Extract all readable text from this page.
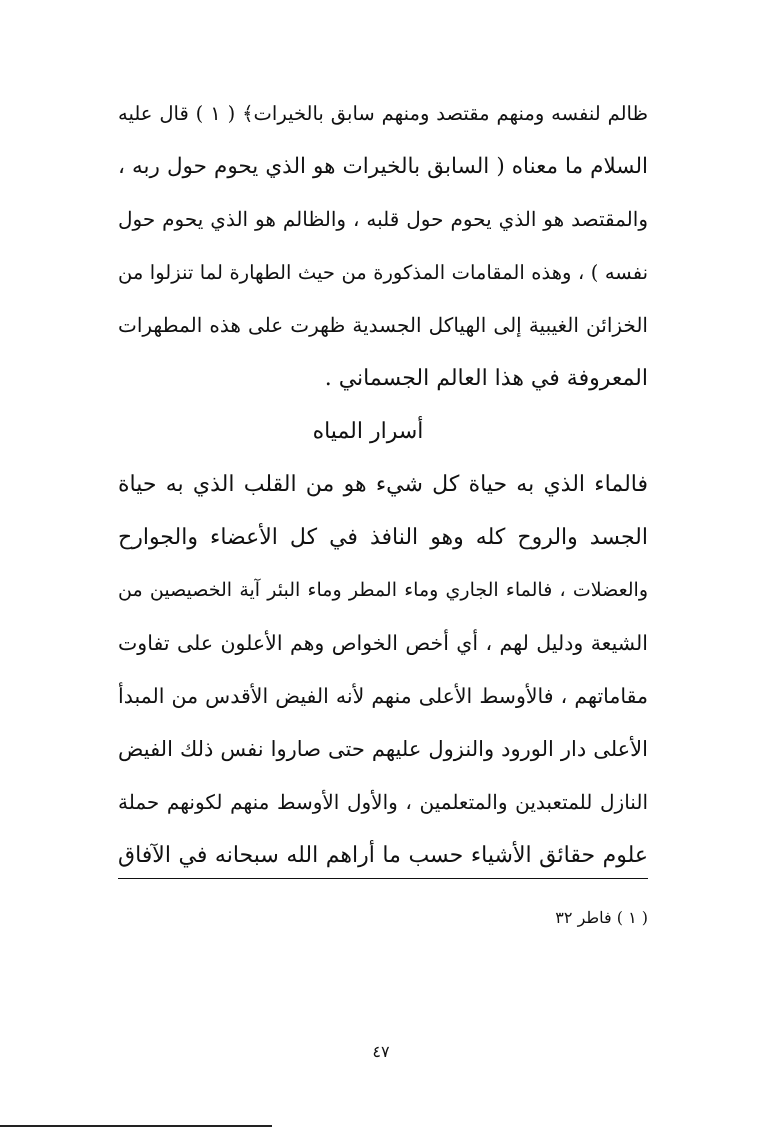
ظالم لنفسه ومنهم مقتصد ومنهم سابق بالخيرات﴾ ( ١ ) قال عليه
السلام ما معناه ( السابق بالخيرات هو الذي يحوم حول ربه ،
والمقتصد هو الذي يحوم حول قلبه ، والظالم هو الذي يحوم حول
نفسه ) ، وهذه المقامات المذكورة من حيث الطهارة لما تنزلوا من
الخزائن الغيبية إلى الهياكل الجسدية ظهرت على هذه المطهرات
المعروفة في هذا العالم الجسماني .
أسرار المياه
فالماء الذي به حياة كل شيء هو من القلب الذي به حياة
الجسد والروح كله وهو النافذ في كل الأعضاء والجوارح
والعضلات ، فالماء الجاري وماء المطر وماء البئر آية الخصيصين من
الشيعة ودليل لهم ، أي أخص الخواص وهم الأعلون على تفاوت
مقاماتهم ، فالأوسط الأعلى منهم لأنه الفيض الأقدس من المبدأ
الأعلى دار الورود والنزول عليهم حتى صاروا نفس ذلك الفيض
النازل للمتعبدين والمتعلمين ، والأول الأوسط منهم لكونهم حملة
علوم حقائق الأشياء حسب ما أراهم الله سبحانه في الآفاق
( ١ ) فاطر ٣٢
٤٧
